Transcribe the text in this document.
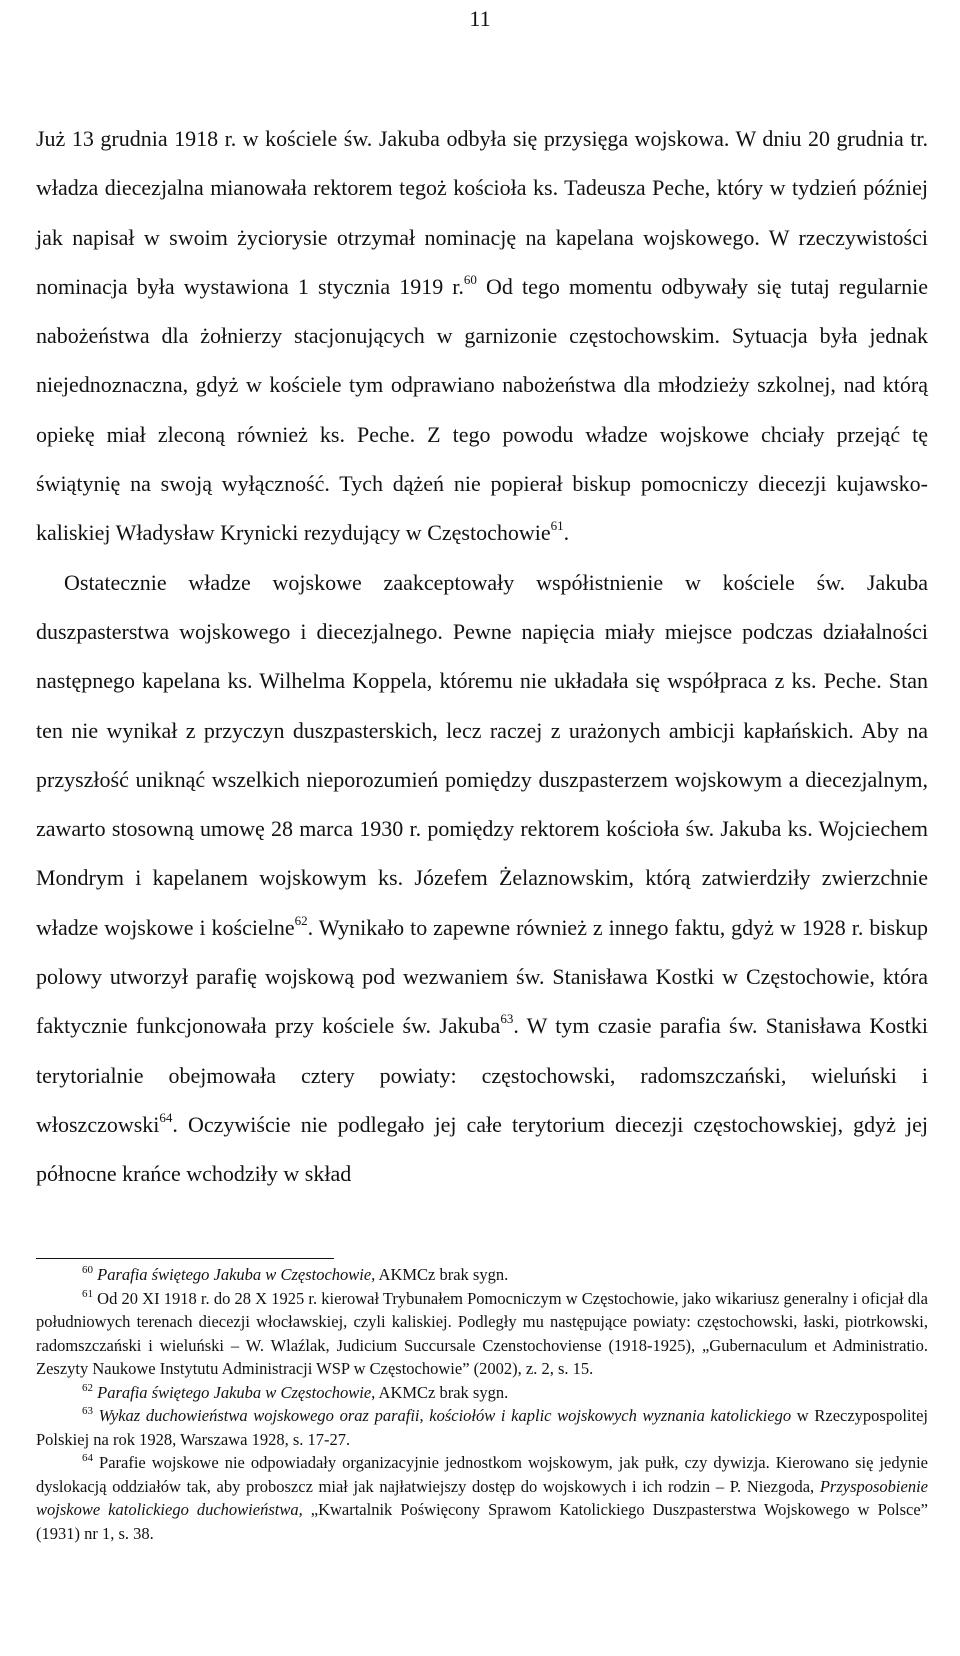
11

Już 13 grudnia 1918 r. w kościele św. Jakuba odbyła się przysięga wojskowa. W dniu 20 grudnia tr. władza diecezjalna mianowała rektorem tegoż kościoła ks. Tadeusza Peche, który w tydzień później jak napisał w swoim życiorysie otrzymał nominację na kapelana wojskowego. W rzeczywistości nominacja była wystawiona 1 stycznia 1919 r.$^{60}$ Od tego momentu odbywały się tutaj regularnie nabożeństwa dla żołnierzy stacjonujących w garnizonie częstochowskim. Sytuacja była jednak niejednoznaczna, gdyż w kościele tym odprawiano nabożeństwa dla młodzieży szkolnej, nad którą opiekę miał zleconą również ks. Peche. Z tego powodu władze wojskowe chciały przejąć tę świątynię na swoją wyłączność. Tych dążeń nie popierał biskup pomocniczy diecezji kujawsko-kaliskiej Władysław Krynicki rezydujący w Częstochowie$^{61}$.

Ostatecznie władze wojskowe zaakceptowały współistnienie w kościele św. Jakuba duszpasterstwa wojskowego i diecezjalnego. Pewne napięcia miały miejsce podczas działalności następnego kapelana ks. Wilhelma Koppela, któremu nie układała się współpraca z ks. Peche. Stan ten nie wynikał z przyczyn duszpasterskich, lecz raczej z urażonych ambicji kapłańskich. Aby na przyszłość uniknąć wszelkich nieporozumień pomiędzy duszpasterzem wojskowym a diecezjalnym, zawarto stosowną umowę 28 marca 1930 r. pomiędzy rektorem kościoła św. Jakuba ks. Wojciechem Mondrym i kapelanem wojskowym ks. Józefem Żelaznowskim, którą zatwierdziły zwierzchnie władze wojskowe i kościelne$^{62}$. Wynikało to zapewne również z innego faktu, gdyż w 1928 r. biskup polowy utworzył parafię wojskową pod wezwaniem św. Stanisława Kostki w Częstochowie, która faktycznie funkcjonowała przy kościele św. Jakuba$^{63}$. W tym czasie parafia św. Stanisława Kostki terytorialnie obejmowała cztery powiaty: częstochowski, radomszczański, wieluński i włoszczowski$^{64}$. Oczywiście nie podlegało jej całe terytorium diecezji częstochowskiej, gdyż jej północne krańce wchodziły w skład

$^{60}$ Parafia świętego Jakuba w Częstochowie, AKMCz brak sygn.

$^{61}$ Od 20 XI 1918 r. do 28 X 1925 r. kierował Trybunałem Pomocniczym w Częstochowie, jako wikariusz generalny i oficjał dla południowych terenach diecezji włocławskiej, czyli kaliskiej. Podległy mu następujące powiaty: częstochowski, łaski, piotrkowski, radomszczański i wieluński – W. Wlaźlak, Judicium Succursale Czenstochoviense (1918-1925), „Gubernaculum et Administratio. Zeszyty Naukowe Instytutu Administracji WSP w Częstochowie” (2002), z. 2, s. 15.

$^{62}$ Parafia świętego Jakuba w Częstochowie, AKMCz brak sygn.

$^{63}$ Wykaz duchowieństwa wojskowego oraz parafii, kościołów i kaplic wojskowych wyznania katolickiego w Rzeczypospolitej Polskiej na rok 1928, Warszawa 1928, s. 17-27.

$^{64}$ Parafie wojskowe nie odpowiadały organizacyjnie jednostkom wojskowym, jak pułk, czy dywizja. Kierowano się jedynie dyslokacją oddziałów tak, aby proboszcz miał jak najłatwiejszy dostęp do wojskowych i ich rodzin – P. Niezgoda, Przysposobienie wojskowe katolickiego duchowieństwa, „Kwartalnik Poświęcony Sprawom Katolickiego Duszpasterstwa Wojskowego w Polsce” (1931) nr 1, s. 38.
